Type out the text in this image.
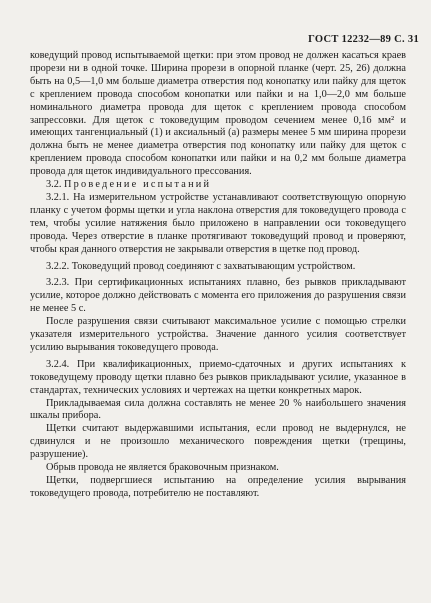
ГОСТ 12232—89 С. 31

коведущий провод испытываемой щетки: при этом провод не должен касаться краев прорези ни в одной точке. Ширина прорези в опорной планке (черт. 25, 26) должна быть на 0,5—1,0 мм больше диаметра отверстия под конопатку или пайку для щеток с креплением провода способом конопатки или пайки и на 1,0—2,0 мм больше номинального диаметра провода для щеток с креплением провода способом запрессовки. Для щеток с токоведущим проводом сечением менее 0,16 мм² и имеющих тангенциальный (1) и аксиальный (а) размеры менее 5 мм ширина прорези должна быть не менее диаметра отверстия под конопатку или пайку для щеток с креплением провода способом конопатки или пайки и на 0,2 мм больше диаметра провода для щеток индивидуального прессования.

3.2. Проведение испытаний

3.2.1. На измерительном устройстве устанавливают соответствующую опорную планку с учетом формы щетки и угла наклона отверстия для токоведущего провода с тем, чтобы усилие натяжения было приложено в направлении оси токоведущего провода. Через отверстие в планке протягивают токоведущий провод и проверяют, чтобы края данного отверстия не закрывали отверстия в щетке под провод.

3.2.2. Токоведущий провод соединяют с захватывающим устройством.

3.2.3. При сертификационных испытаниях плавно, без рывков прикладывают усилие, которое должно действовать с момента его приложения до разрушения связи не менее 5 с.

После разрушения связи считывают максимальное усилие с помощью стрелки указателя измерительного устройства. Значение данного усилия соответствует усилию вырывания токоведущего провода.

3.2.4. При квалификационных, приемо-сдаточных и других испытаниях к токоведущему проводу щетки плавно без рывков прикладывают усилие, указанное в стандартах, технических условиях и чертежах на щетки конкретных марок.

Прикладываемая сила должна составлять не менее 20 % наибольшего значения шкалы прибора.

Щетки считают выдержавшими испытания, если провод не выдернулся, не сдвинулся и не произошло механического повреждения щетки (трещины, разрушение).

Обрыв провода не является браковочным признаком.

Щетки, подвергшиеся испытанию на определение усилия вырывания токоведущего провода, потребителю не поставляют.
